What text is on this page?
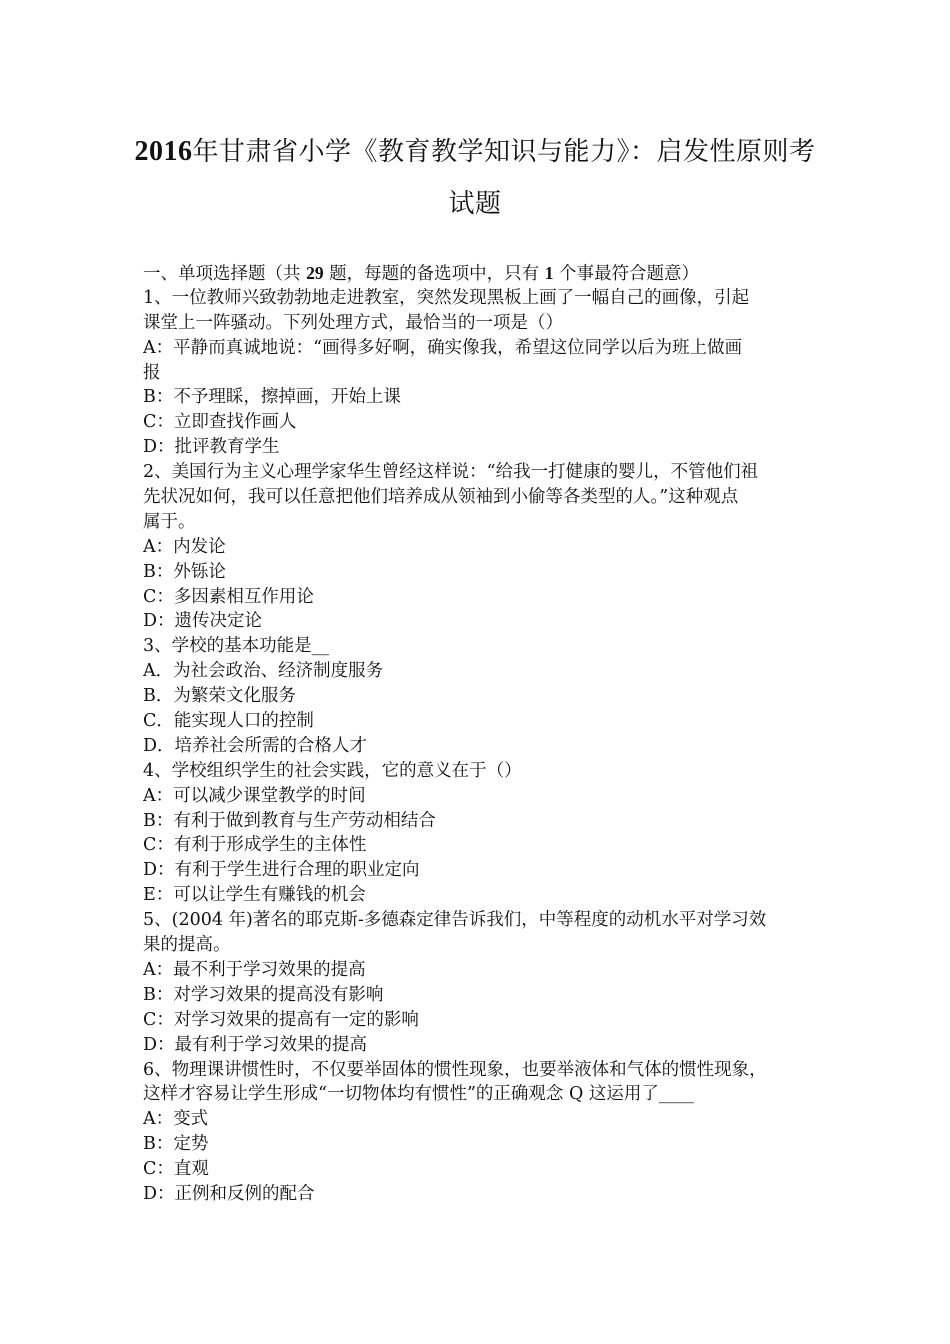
2016年甘肃省小学《教育教学知识与能力》：启发性原则考
试题
一、单项选择题（共 29 题，每题的备选项中，只有 1 个事最符合题意）
1、一位教师兴致勃勃地走进教室，突然发现黑板上画了一幅自己的画像，引起
课堂上一阵骚动。下列处理方式，最恰当的一项是（）
A：平静而真诚地说：“画得多好啊，确实像我，希望这位同学以后为班上做画
报
B：不予理睬，擦掉画，开始上课
C：立即查找作画人
D：批评教育学生
2、美国行为主义心理学家华生曾经这样说：“给我一打健康的婴儿，不管他们祖
先状况如何，我可以任意把他们培养成从领袖到小偷等各类型的人。”这种观点
属于。
A：内发论
B：外铄论
C：多因素相互作用论
D：遗传决定论
3、学校的基本功能是__
A．为社会政治、经济制度服务
B．为繁荣文化服务
C．能实现人口的控制
D．培养社会所需的合格人才
4、学校组织学生的社会实践，它的意义在于（）
A：可以减少课堂教学的时间
B：有利于做到教育与生产劳动相结合
C：有利于形成学生的主体性
D：有利于学生进行合理的职业定向
E：可以让学生有赚钱的机会
5、(2004 年)著名的耶克斯-多德森定律告诉我们，中等程度的动机水平对学习效
果的提高。
A：最不利于学习效果的提高
B：对学习效果的提高没有影响
C：对学习效果的提高有一定的影响
D：最有利于学习效果的提高
6、物理课讲惯性时，不仅要举固体的惯性现象，也要举液体和气体的惯性现象，
这样才容易让学生形成“一切物体均有惯性”的正确观念 Q 这运用了____
A：变式
B：定势
C：直观
D：正例和反例的配合
